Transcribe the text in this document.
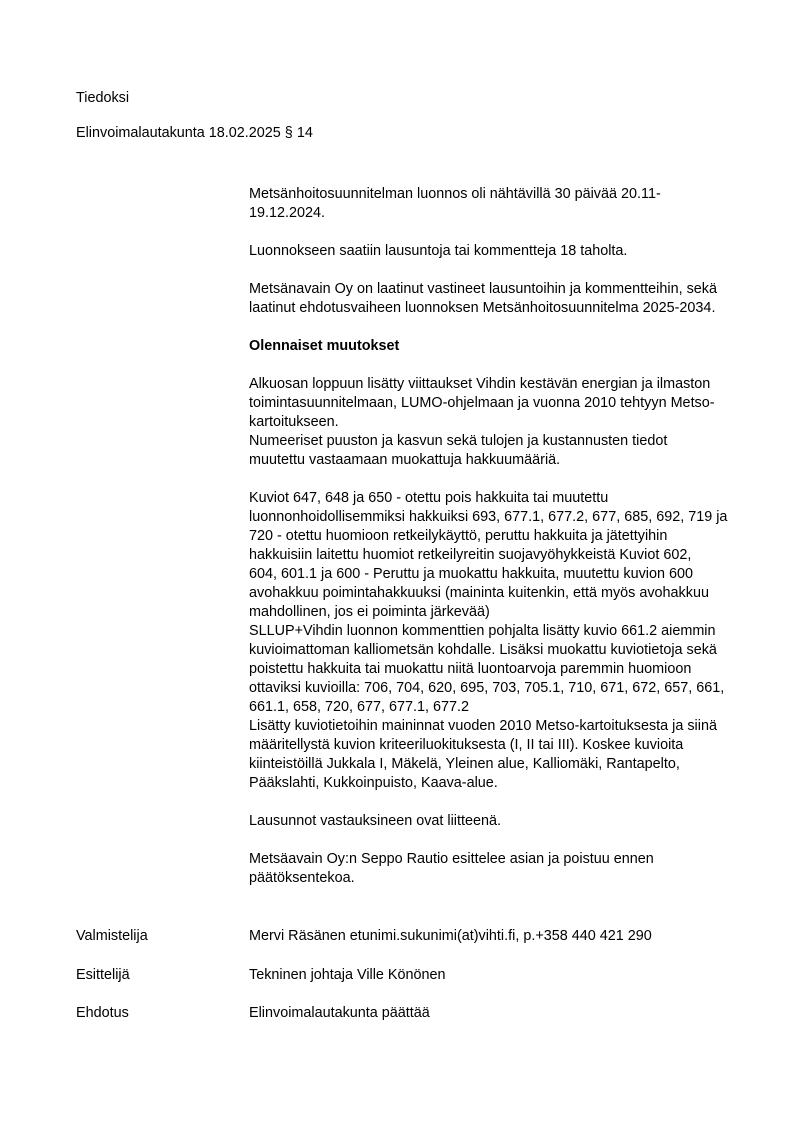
Tiedoksi

Elinvoimalautakunta 18.02.2025 § 14

Metsänhoitosuunnitelman luonnos oli nähtävillä 30 päivää 20.11-

19.12.2024.

Luonnokseen saatiin lausuntoja tai kommentteja 18 taholta.

Metsänavain Oy on laatinut vastineet lausuntoihin ja kommentteihin, sekä

laatinut ehdotusvaiheen luonnoksen Metsänhoitosuunnitelma 2025-2034.

Olennaiset muutokset

Alkuosan loppuun lisätty viittaukset Vihdin kestävän energian ja ilmaston

toimintasuunnitelmaan, LUMO-ohjelmaan ja vuonna 2010 tehtyyn Metso-

kartoitukseen.

Numeeriset puuston ja kasvun sekä tulojen ja kustannusten tiedot

muutettu vastaamaan muokattuja hakkuumääriä.

Kuviot 647, 648 ja 650 - otettu pois hakkuita tai muutettu

luonnonhoidollisemmiksi hakkuiksi 693, 677.1, 677.2, 677, 685, 692, 719 ja

720 - otettu huomioon retkeilykäyttö, peruttu hakkuita ja jätettyihin

hakkuisiin laitettu huomiot retkeilyreitin suojavyöhykkeistä Kuviot 602,

604, 601.1 ja 600 - Peruttu ja muokattu hakkuita, muutettu kuvion 600

avohakkuu poimintahakkuuksi (maininta kuitenkin, että myös avohakkuu

mahdollinen, jos ei poiminta järkevää)

SLLUP+Vihdin luonnon kommenttien pohjalta lisätty kuvio 661.2 aiemmin

kuvioimattoman kalliometsän kohdalle. Lisäksi muokattu kuviotietoja sekä

poistettu hakkuita tai muokattu niitä luontoarvoja paremmin huomioon

ottaviksi kuvioilla: 706, 704, 620, 695, 703, 705.1, 710, 671, 672, 657, 661,

661.1, 658, 720, 677, 677.1, 677.2

Lisätty kuviotietoihin maininnat vuoden 2010 Metso-kartoituksesta ja siinä

määritellystä kuvion kriteeriluokituksesta (I, II tai III). Koskee kuvioita

kiinteistöillä Jukkala I, Mäkelä, Yleinen alue, Kalliomäki, Rantapelto,

Pääkslahti, Kukkoinpuisto, Kaava-alue.

Lausunnot vastauksineen ovat liitteenä.

Metsäavain Oy:n Seppo Rautio esittelee asian ja poistuu ennen

päätöksentekoa.

Valmistelija	Mervi Räsänen etunimi.sukunimi(at)vihti.fi, p.+358 440 421 290
Esittelijä	Tekninen johtaja Ville Könönen
Ehdotus	Elinvoimalautakunta päättää
